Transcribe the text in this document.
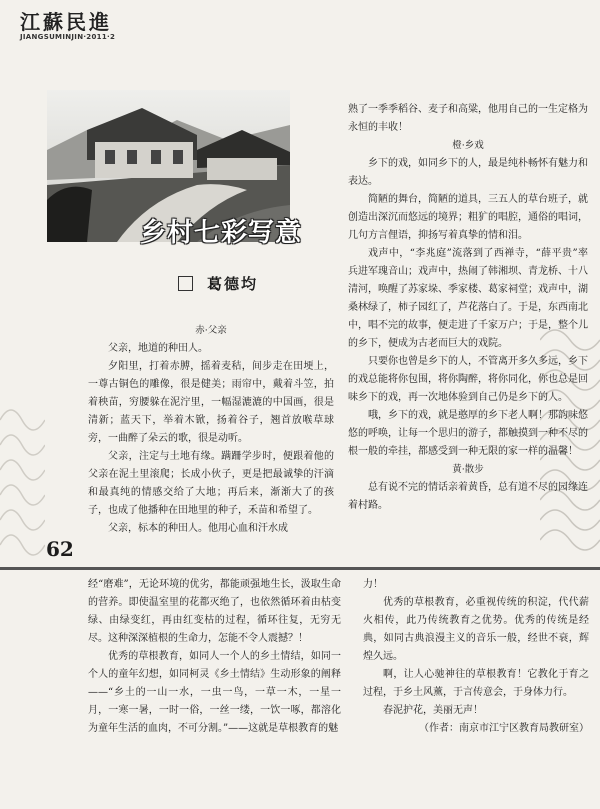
江蘇民進
JIANGSUMINJIN·2011·2
乡村七彩写意
葛德均

赤·父亲

父亲，地道的种田人。

夕阳里，打着赤膊，摇着麦秸，间步走在田埂上，一尊古铜色的雕像，很是健美；雨帘中，戴着斗笠，拍着秧苗，穷腰躲在泥泞里，一幅湿漉漉的中国画，很是清新；蓝天下，举着木锨，扬着谷子，翘首放喉草球旁，一曲醉了朵云的歌，很是动听。

父亲，注定与土地有缘。蹒跚学步时，便跟着他的父亲在泥土里滚爬；长成小伙子，更是把最诚挚的汗滴和最真纯的情感交给了大地；再后来，渐渐大了的孩子，也成了他播种在田地里的种子，禾苗和希望了。

父亲，标本的种田人。他用心血和汗水成

熟了一季季稻谷、麦子和高粱，他用自己的一生定格为永恒的丰收！

橙·乡戏

乡下的戏，如同乡下的人，最是纯朴畅怀有魅力和表达。

简陋的舞台，简陋的道具，三五人的草台班子，就创造出深沉而悠远的境界；粗犷的唱腔，通俗的唱词，几句方言俚语，抑扬写着真挚的情和泪。

戏声中，“李兆庭”流落到了西禅寺，“薛平贵”率兵进军瑰音山；戏声中，热闹了韩湘坝、青龙桥、十八清河，唤醒了苏家垛、季家楼、葛家祠堂；戏声中，湖桑林绿了，柿子园红了，芦花落白了。于是，东西南北中，唱不完的故事，便走进了千家万户；于是，整个儿的乡下，便成为古老而巨大的戏院。

只要你也曾是乡下的人，不管离开多久多远，乡下的戏总能将你包围，将你陶醉，将你同化，你也总是回味乡下的戏，再一次地体验到自己仍是乡下的人。

哦，乡下的戏，就是憨厚的乡下老人啊！那韵味悠悠的呼唤，让每一个思归的游子，都触摸到一种不尽的根一般的牵挂，都感受到一种无限的家一样的温馨！

黄·散步

总有说不完的情话亲着黄昏，总有道不尽的园缘连着村路。

62

经“磨难”，无论环境的优劣，都能顽强地生长，汲取生命的营养。即使温室里的花都灭绝了，也依然循环着由枯变绿、由绿变红，再由红变枯的过程，循环往复，无穷无尽。这种深深植根的生命力，怎能不令人震撼？！

优秀的草根教育，如同人一个人的乡土情结，如同一个人的童年幻想，如同柯灵《乡土情结》生动形象的阐释——“乡土的一山一水，一虫一鸟，一草一木，一星一月，一寒一暑，一时一俗，一丝一缕，一饮一啄，都溶化为童年生活的血肉，不可分割。”——这就是草根教育的魅

力！

优秀的草根教育，必重视传统的积淀，代代薪火相传，此乃传统教育之优势。优秀的传统是经典，如同古典浪漫主义的音乐一般，经世不衰，辉煌久远。

啊，让人心驰神往的草根教育！它教化于育之过程，于乡土风薰，于言传意会，于身体力行。

春泥护花，美丽无声！

（作者：南京市江宁区教育局教研室）
